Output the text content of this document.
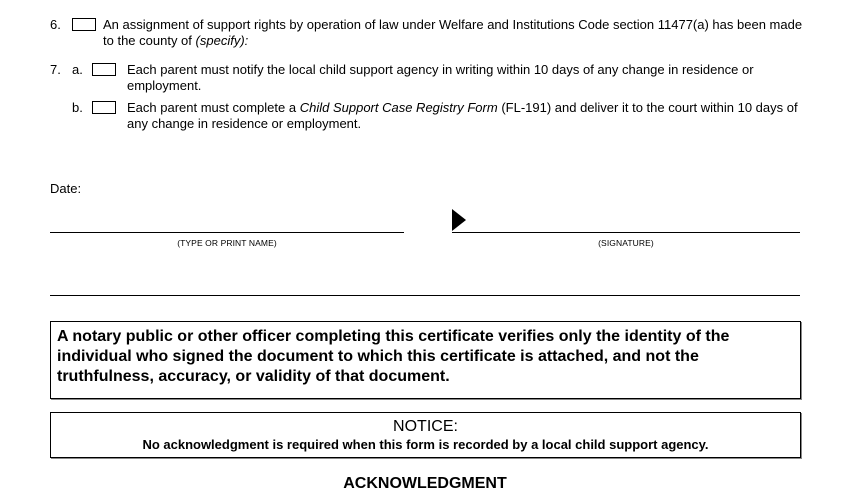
6.	An assignment of support rights by operation of law under Welfare and Institutions Code section 11477(a) has been made to the county of (specify):
7. a.	Each parent must notify the local child support agency in writing within 10 days of any change in residence or employment.
b.	Each parent must complete a Child Support Case Registry Form (FL-191) and deliver it to the court within 10 days of any change in residence or employment.
Date:
(TYPE OR PRINT NAME)	(SIGNATURE)
A notary public or other officer completing this certificate verifies only the identity of the individual who signed the document to which this certificate is attached, and not the truthfulness, accuracy, or validity of that document.
NOTICE:
No acknowledgment is required when this form is recorded by a local child support agency.
ACKNOWLEDGMENT
